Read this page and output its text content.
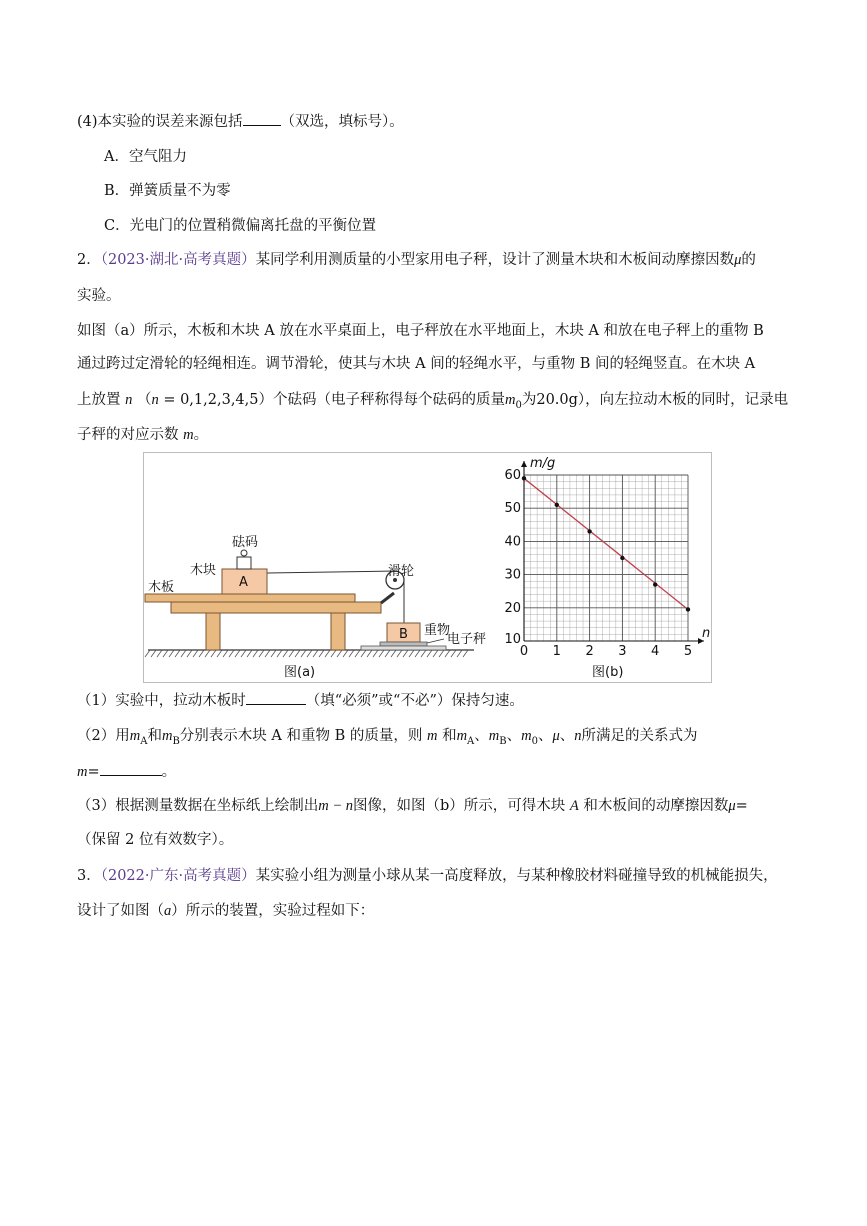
(4)本实验的误差来源包括	（双选，填标号）。
A．空气阻力
B．弹簧质量不为零
C．光电门的位置稍微偏离托盘的平衡位置
2．（2023·湖北·高考真题）某同学利用测质量的小型家用电子秤，设计了测量木块和木板间动摩擦因数μ的
实验。
如图（a）所示，木板和木块 A 放在水平桌面上，电子秤放在水平地面上，木块 A 和放在电子秤上的重物 B
通过跨过定滑轮的轻绳相连。调节滑轮，使其与木块 A 间的轻绳水平，与重物 B 间的轻绳竖直。在木块 A
上放置 n （n = 0,1,2,3,4,5）个砝码（电子秤称得每个砝码的质量$m_0$为20.0g），向左拉动木板的同时，记录电
子秤的对应示数 m。
砝码
木块
木板	A
滑轮
B 重物
电子秤
图(a)
0 1 2 3 4 5
20
30
40
50
60
10
m/g
n
图(b)
（1）实验中，拉动木板时	（填“必须”或“不必”）保持匀速。
（2）用$m_A$和$m_B$分别表示木块 A 和重物 B 的质量，则 m 和$m_A$、$m_B$、$m_0$、μ、n所满足的关系式为
m=	。
（3）根据测量数据在坐标纸上绘制出m − n图像，如图（b）所示，可得木块 A 和木板间的动摩擦因数μ=
（保留 2 位有效数字）。
3．（2022·广东·高考真题）某实验小组为测量小球从某一高度释放，与某种橡胶材料碰撞导致的机械能损失，
设计了如图（a）所示的装置，实验过程如下：
